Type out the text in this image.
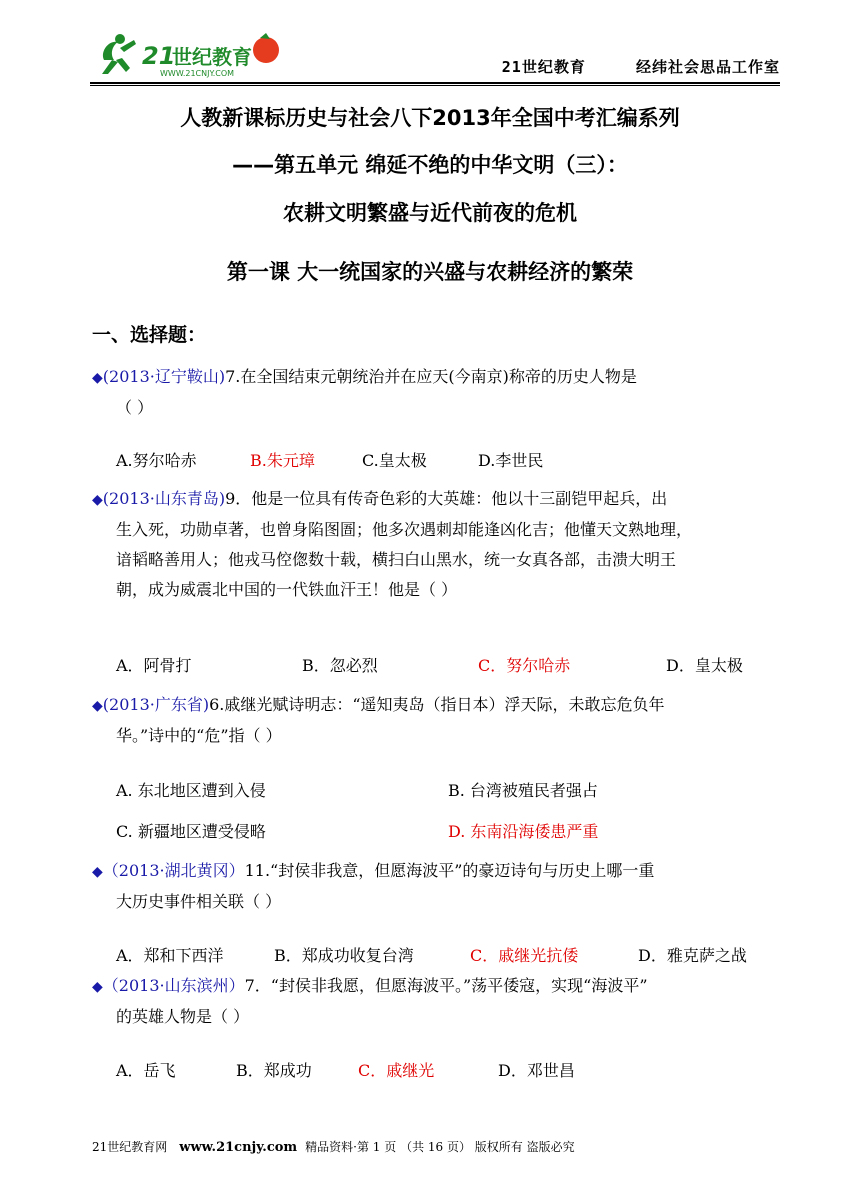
21
世纪教育
WWW.21CNJY.COM	21世纪教育     经纬社会思品工作室
人教新课标历史与社会八下2013年全国中考汇编系列
——第五单元 绵延不绝的中华文明（三）：
农耕文明繁盛与近代前夜的危机
第一课 大一统国家的兴盛与农耕经济的繁荣
一、选择题：
◆(2013·辽宁鞍山)7.在全国结束元朝统治并在应天(今南京)称帝的历史人物是
（ ）
A.努尔哈赤	B.朱元璋	C.皇太极	D.李世民
◆(2013·山东青岛)9．他是一位具有传奇色彩的大英雄：他以十三副铠甲起兵，出
生入死，功勋卓著，也曾身陷图圄；他多次遇刺却能逢凶化吉；他懂天文熟地理，
谙韬略善用人；他戎马倥偬数十载，横扫白山黑水，统一女真各部，击溃大明王
朝，成为威震北中国的一代铁血汗王！他是（ ）
A．阿骨打	B．忽必烈	C．努尔哈赤	D．皇太极
◆(2013·广东省)6.戚继光赋诗明志：“遥知夷岛（指日本）浮天际，未敢忘危负年
华。”诗中的“危”指（ ）
A. 东北地区遭到入侵	B. 台湾被殖民者强占
C. 新疆地区遭受侵略	D. 东南沿海倭患严重
◆（2013·湖北黄冈）11.“封侯非我意，但愿海波平”的豪迈诗句与历史上哪一重
大历史事件相关联（ ）
A．郑和下西洋	B．郑成功收复台湾	C．戚继光抗倭	D．雅克萨之战
◆（2013·山东滨州）7．“封侯非我愿，但愿海波平。”荡平倭寇，实现“海波平”
的英雄人物是（ ）
A．岳飞	B．郑成功	C．戚继光	D．邓世昌
21世纪教育网 www.21cnjy.com 精品资料·第 1 页 （共 16 页） 版权所有 盗版必究
